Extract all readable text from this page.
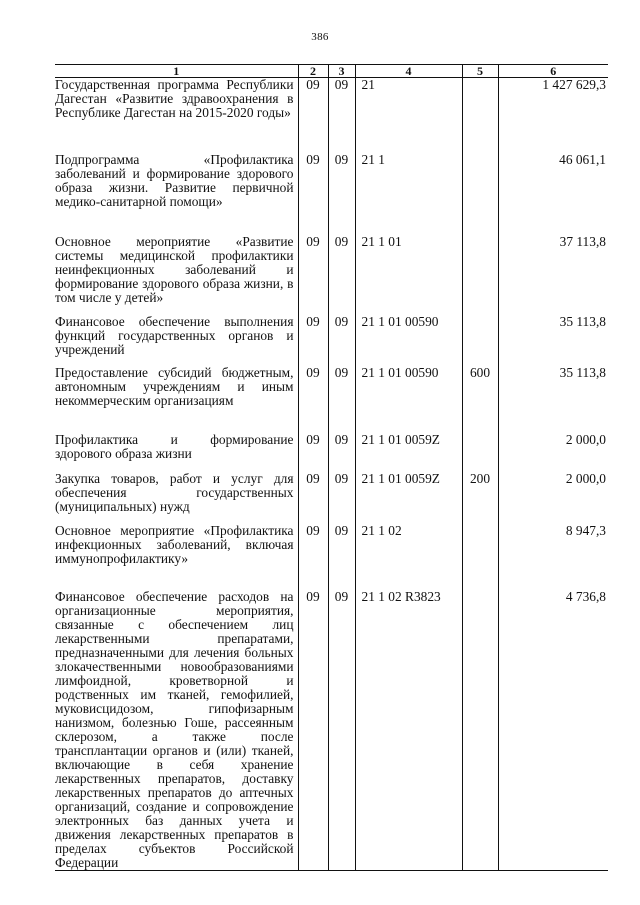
386
1	2	3	4	5	6
Государственная программа Республики Дагестан «Развитие здравоохранения в Республике Дагестан на 2015-2020 годы»	09	09	21		1 427 629,3
Подпрограмма «Профилактика заболеваний и формирование здорового образа жизни. Развитие первичной медико-санитарной помощи»	09	09	21 1		46 061,1
Основное мероприятие «Развитие системы медицинской профилактики неинфекционных заболеваний и формирование здорового образа жизни, в том числе у детей»	09	09	21 1 01		37 113,8
Финансовое обеспечение выполнения функций государственных органов и учреждений	09	09	21 1 01 00590		35 113,8
Предоставление субсидий бюджетным, автономным учреждениям и иным некоммерческим организациям	09	09	21 1 01 00590	600	35 113,8
Профилактика и формирование здорового образа жизни	09	09	21 1 01 0059Z		2 000,0
Закупка товаров, работ и услуг для обеспечения государственных (муниципальных) нужд	09	09	21 1 01 0059Z	200	2 000,0
Основное мероприятие «Профилактика инфекционных заболеваний, включая иммунопрофилактику»	09	09	21 1 02		8 947,3
Финансовое обеспечение расходов на организационные мероприятия, связанные с обеспечением лиц лекарственными препаратами, предназначенными для лечения больных злокачественными новообразованиями лимфоидной, кроветворной и родственных им тканей, гемофилией, муковисцидозом, гипофизарным нанизмом, болезнью Гоше, рассеянным склерозом, а также после трансплантации органов и (или) тканей, включающие в себя хранение лекарственных препаратов, доставку лекарственных препаратов до аптечных организаций, создание и сопровождение электронных баз данных учета и движения лекарственных препаратов в пределах субъектов Российской Федерации	09	09	21 1 02 R3823		4 736,8
